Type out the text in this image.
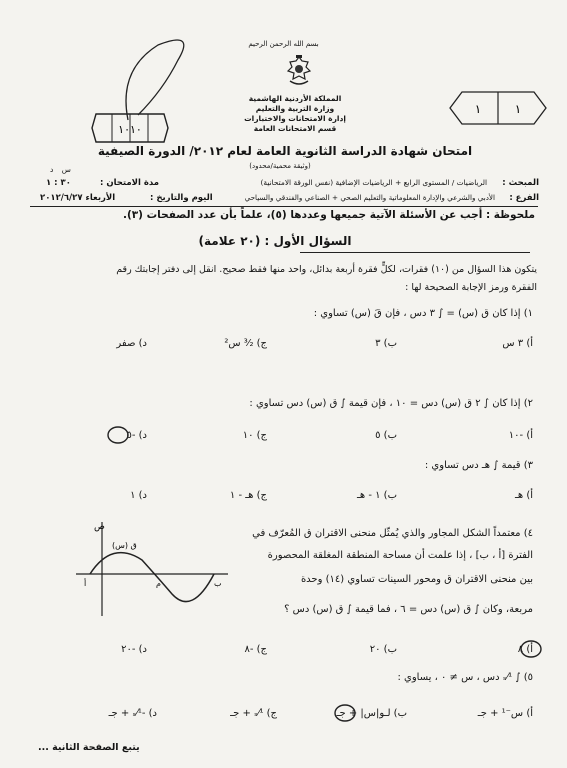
بسم الله الرحمن الرحيم
المملكة الأردنية الهاشمية
وزارة التربية والتعليم
إدارة الامتحانات والاختبارات
قسم الامتحانات العامة
١	١
١٠١٠
امتحان شهادة الدراسة الثانوية العامة لعام ٢٠١٢/ الدورة الصيفية
(وثيقة محمية/محدود)
المبحث :
الرياضيات / المستوى الرابع + الرياضيات الإضافية (نفس الورقة الامتحانية)
مدة الامتحان :
٣٠ : ١
س د
الفرع :
الأدبي والشرعي والإدارة المعلوماتية والتعليم الصحي + الصناعي والفندقي والسياحي
اليوم والتاريخ :
الأربعاء ٢٠١٢/٦/٢٧
ملحوظة : أجب عن الأسئلة الآتية جميعها وعددها (٥)، علماً بأن عدد الصفحات (٣).
السؤال الأول : (٢٠ علامة)
يتكون هذا السؤال من (١٠) فقرات، لكلٍّ فقرة أربعة بدائل، واحد منها فقط صحيح. انقل إلى دفتر إجابتك رقم
الفقرة ورمز الإجابة الصحيحة لها :
١) إذا كان ق (س) = ∫ ٣ دس ، فإن قَ (س) تساوي :
أ) ٣ س
ب) ٣
ج) ³⁄₂ س²
د) صفر
٢) إذا كان ∫ ٢ ق (س) دس = ١٠ ، فإن قيمة ∫ ق (س) دس تساوي :
أ) -١٠
ب) ٥
ج) ١٠
د) -٥
٣) قيمة ∫ هـ دس تساوي :
أ) هـ
ب) ١ - هـ
ج) هـ - ١
د) ١
٤) معتمداً الشكل المجاور والذي يُمثّل منحنى الاقتران ق المُعرّف في
الفترة [أ ، ب] ، إذا علمت أن مساحة المنطقة المغلقة المحصورة
بين منحنى الاقتران ق ومحور السينات تساوي (١٤) وحدة
مربعة، وكان ∫ ق (س) دس = ٦ ، فما قيمة ∫ ق (س) دس ؟
أ) ٨
ب) ٢٠
ج) -٨
د) -٢٠
ص
ق (س)
أ	ب
م
٥) ∫ ¹⁄ₛ دس ، س ≠ ٠ ، يساوي :
أ) س⁻¹ + جـ
ب) لـو|س| + جـ
ج) ¹⁄ₛ + جـ
د) -¹⁄ₛ + جـ
يتبع الصفحة الثانية ...
